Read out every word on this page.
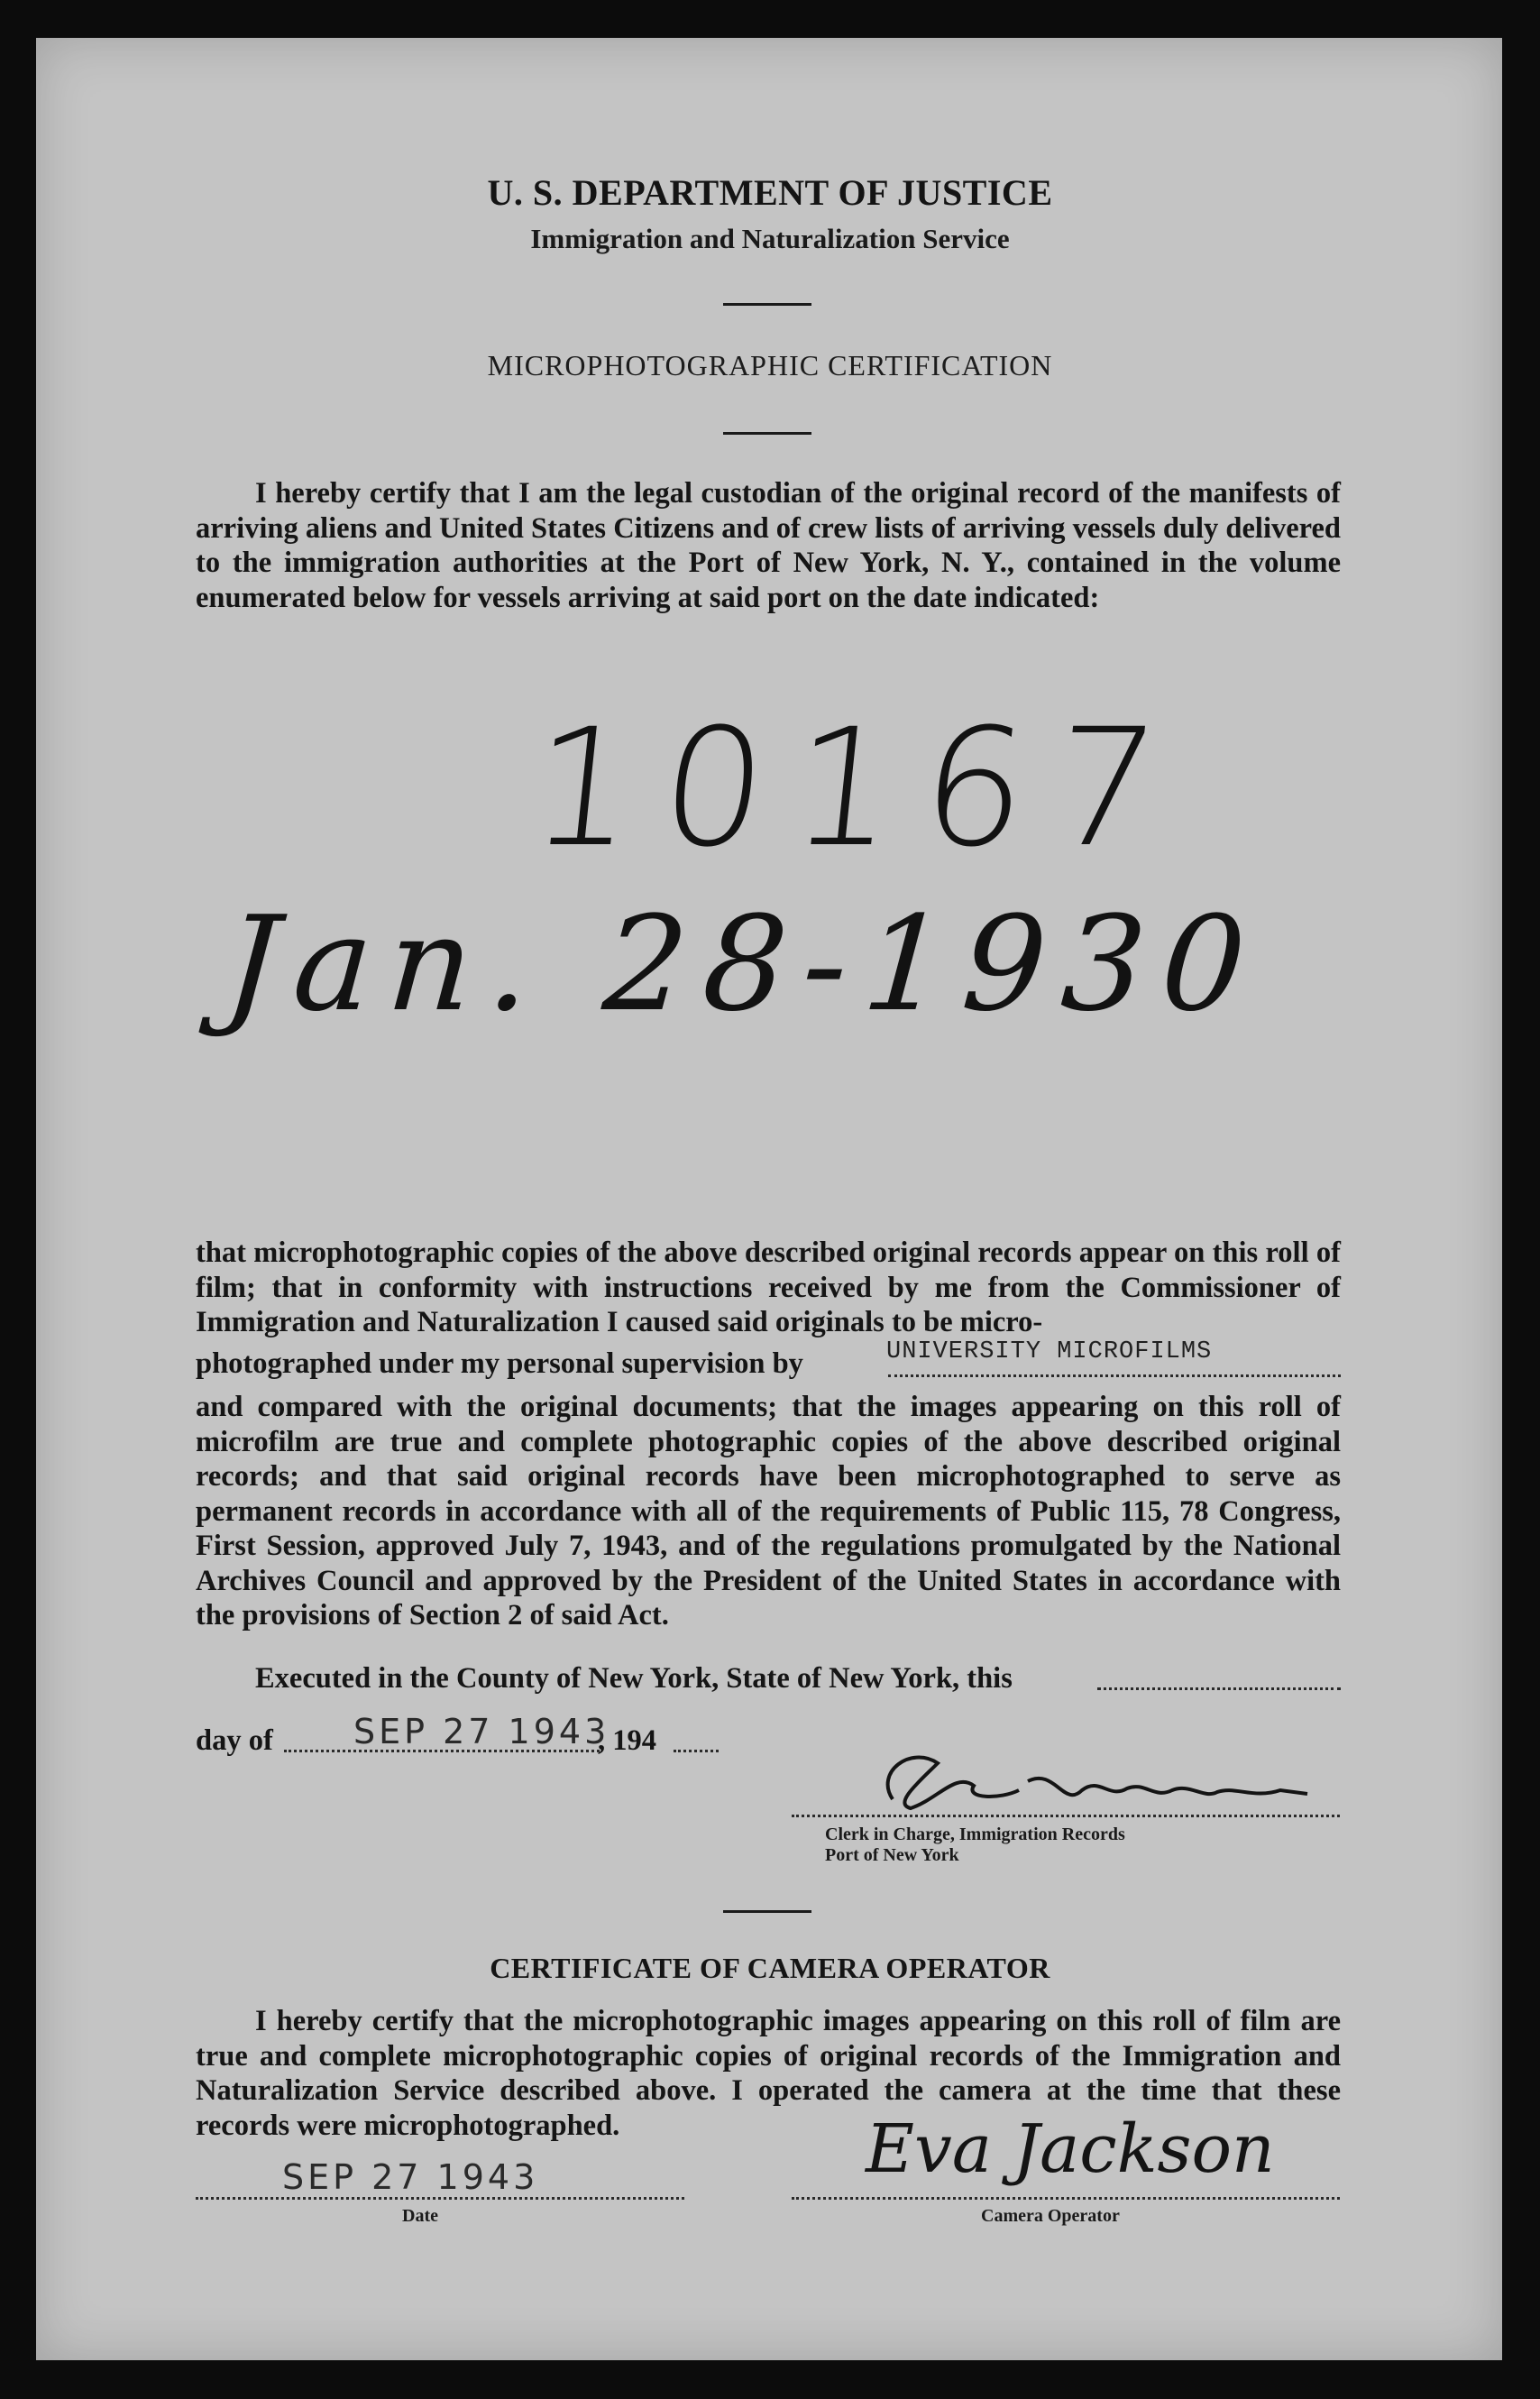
U. S. DEPARTMENT OF JUSTICE
Immigration and Naturalization Service
MICROPHOTOGRAPHIC CERTIFICATION

I hereby certify that I am the legal custodian of the original record of the manifests of arriving aliens and United States Citizens and of crew lists of arriving vessels duly delivered to the immigration authorities at the Port of New York, N. Y., contained in the volume enumerated below for vessels arriving at said port on the date indicated:

10167
Jan. 28-1930

that microphotographic copies of the above described original records appear on this roll of film; that in conformity with instructions received by me from the Commissioner of Immigration and Naturalization I caused said originals to be micro-

photographed under my personal supervision by	UNIVERSITY MICROFILMS

and compared with the original documents; that the images appearing on this roll of microfilm are true and complete photographic copies of the above described original records; and that said original records have been microphotographed to serve as permanent records in accordance with all of the requirements of Public 115, 78 Congress, First Session, approved July 7, 1943, and of the regulations promulgated by the National Archives Council and approved by the President of the United States in accordance with the provisions of Section 2 of said Act.

Executed in the County of New York, State of New York, this
day of SEP 27 1943
, 194
Clerk in Charge, Immigration Records
Port of New York
CERTIFICATE OF CAMERA OPERATOR

I hereby certify that the microphotographic images appearing on this roll of film are true and complete microphotographic copies of original records of the Immigration and Naturalization Service described above. I operated the camera at the time that these records were microphotographed.

SEP 27 1943
Date
Eva Jackson
Camera Operator
